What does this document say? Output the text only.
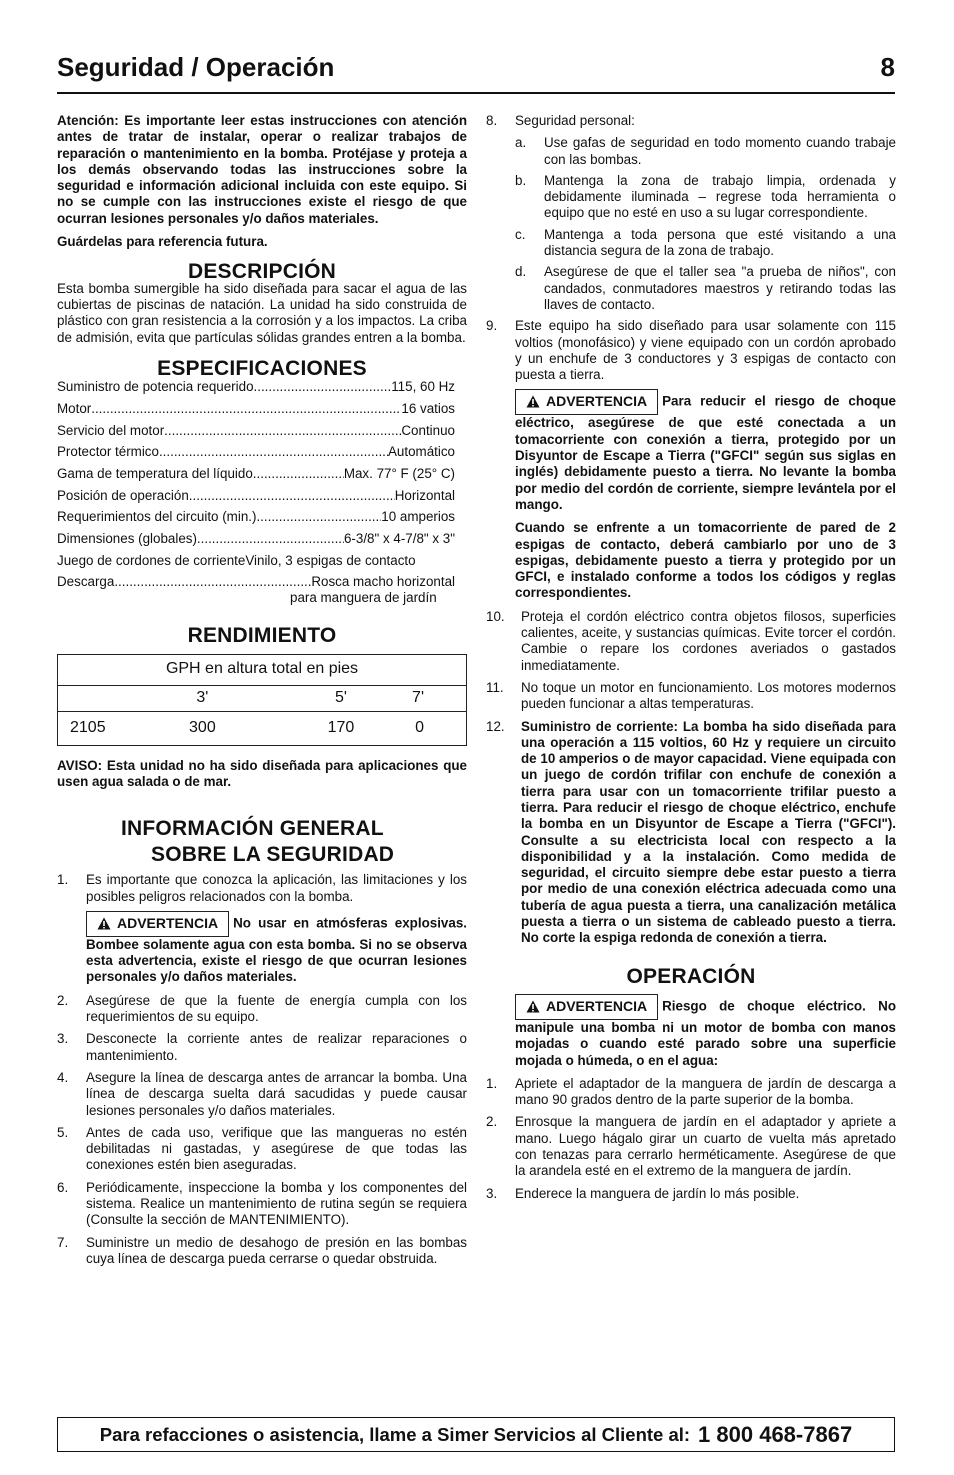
Seguridad / Operación	8

Atención: Es importante leer estas instrucciones con atención antes de tratar de instalar, operar o realizar trabajos de reparación o mantenimiento en la bomba. Protéjase y proteja a los demás observando todas las instrucciones sobre la seguridad e información adicional incluida con este equipo. Si no se cumple con las instrucciones existe el riesgo de que ocurran lesiones personales y/o daños materiales.

Guárdelas para referencia futura.

DESCRIPCIÓN

Esta bomba sumergible ha sido diseñada para sacar el agua de las cubiertas de piscinas de natación. La unidad ha sido construida de plástico con gran resistencia a la corrosión y a los impactos. La criba de admisión, evita que partículas sólidas grandes entren a la bomba.

ESPECIFICACIONES
Suministro de potencia requerido .....	115, 60 Hz
Motor .....	16 vatios
Servicio del motor .....	Continuo
Protector térmico .....	Automático
Gama de temperatura del líquido .....	Max. 77° F (25° C)
Posición de operación .....	Horizontal
Requerimientos del circuito (min.) .....	10 amperios
Dimensiones (globales) .....	6-3/8" x 4-7/8" x 3"
Juego de cordones de corrienteVinilo, 3 espigas de contacto
Descarga .....	Rosca macho horizontal
para manguera de jardín
RENDIMIENTO
GPH en altura total en pies			
	3'	5'	7'
2105	300	170	0

AVISO: Esta unidad no ha sido diseñada para aplicaciones que usen agua salada o de mar.

INFORMACIÓN GENERAL
SOBRE LA SEGURIDAD
1.	Es importante que conozca la aplicación, las limitaciones y los posibles peligros relacionados con la bomba.

ADVERTENCIA No usar en atmósferas explosivas. Bombee solamente agua con esta bomba. Si no se observa esta advertencia, existe el riesgo de que ocurran lesiones personales y/o daños materiales.

2.	Asegúrese de que la fuente de energía cumpla con los requerimientos de su equipo.
3.	Desconecte la corriente antes de realizar reparaciones o mantenimiento.
4.	Asegure la línea de descarga antes de arrancar la bomba. Una línea de descarga suelta dará sacudidas y puede causar lesiones personales y/o daños materiales.
5.	Antes de cada uso, verifique que las mangueras no estén debilitadas ni gastadas, y asegúrese de que todas las conexiones estén bien aseguradas.
6.	Periódicamente, inspeccione la bomba y los componentes del sistema. Realice un mantenimiento de rutina según se requiera (Consulte la sección de MANTENIMIENTO).
7.	Suministre un medio de desahogo de presión en las bombas cuya línea de descarga pueda cerrarse o quedar obstruida.
8.	Seguridad personal:
a.	Use gafas de seguridad en todo momento cuando trabaje con las bombas.
b.	Mantenga la zona de trabajo limpia, ordenada y debidamente iluminada – regrese toda herramienta o equipo que no esté en uso a su lugar correspondiente.
c.	Mantenga a toda persona que esté visitando a una distancia segura de la zona de trabajo.
d.	Asegúrese de que el taller sea "a prueba de niños", con candados, conmutadores maestros y retirando todas las llaves de contacto.
9.	Este equipo ha sido diseñado para usar solamente con 115 voltios (monofásico) y viene equipado con un cordón aprobado y un enchufe de 3 conductores y 3 espigas de contacto con puesta a tierra.

ADVERTENCIA Para reducir el riesgo de choque eléctrico, asegúrese de que esté conectada a un tomacorriente con conexión a tierra, protegido por un Disyuntor de Escape a Tierra ("GFCI" según sus siglas en inglés) debidamente puesto a tierra. No levante la bomba por medio del cordón de corriente, siempre levántela por el mango.

Cuando se enfrente a un tomacorriente de pared de 2 espigas de contacto, deberá cambiarlo por uno de 3 espigas, debidamente puesto a tierra y protegido por un GFCI, e instalado conforme a todos los códigos y reglas correspondientes.

10.	Proteja el cordón eléctrico contra objetos filosos, superficies calientes, aceite, y sustancias químicas. Evite torcer el cordón. Cambie o repare los cordones averiados o gastados inmediatamente.
11.	No toque un motor en funcionamiento. Los motores modernos pueden funcionar a altas temperaturas.
12.	Suministro de corriente: La bomba ha sido diseñada para una operación a 115 voltios, 60 Hz y requiere un circuito de 10 amperios o de mayor capacidad. Viene equipada con un juego de cordón trifilar con enchufe de conexión a tierra para usar con un tomacorriente trifilar puesto a tierra. Para reducir el riesgo de choque eléctrico, enchufe la bomba en un Disyuntor de Escape a Tierra ("GFCI"). Consulte a su electricista local con respecto a la disponibilidad y a la instalación. Como medida de seguridad, el circuito siempre debe estar puesto a tierra por medio de una conexión eléctrica adecuada como una tubería de agua puesta a tierra, una canalización metálica puesta a tierra o un sistema de cableado puesto a tierra. No corte la espiga redonda de conexión a tierra.
OPERACIÓN

ADVERTENCIA Riesgo de choque eléctrico. No manipule una bomba ni un motor de bomba con manos mojadas o cuando esté parado sobre una superficie mojada o húmeda, o en el agua:

1.	Apriete el adaptador de la manguera de jardín de descarga a mano 90 grados dentro de la parte superior de la bomba.
2.	Enrosque la manguera de jardín en el adaptador y apriete a mano. Luego hágalo girar un cuarto de vuelta más apretado con tenazas para cerrarlo herméticamente. Asegúrese de que la arandela esté en el extremo de la manguera de jardín.
3.	Enderece la manguera de jardín lo más posible.
Para refacciones o asistencia, llame a Simer Servicios al Cliente al: 1 800 468-7867
